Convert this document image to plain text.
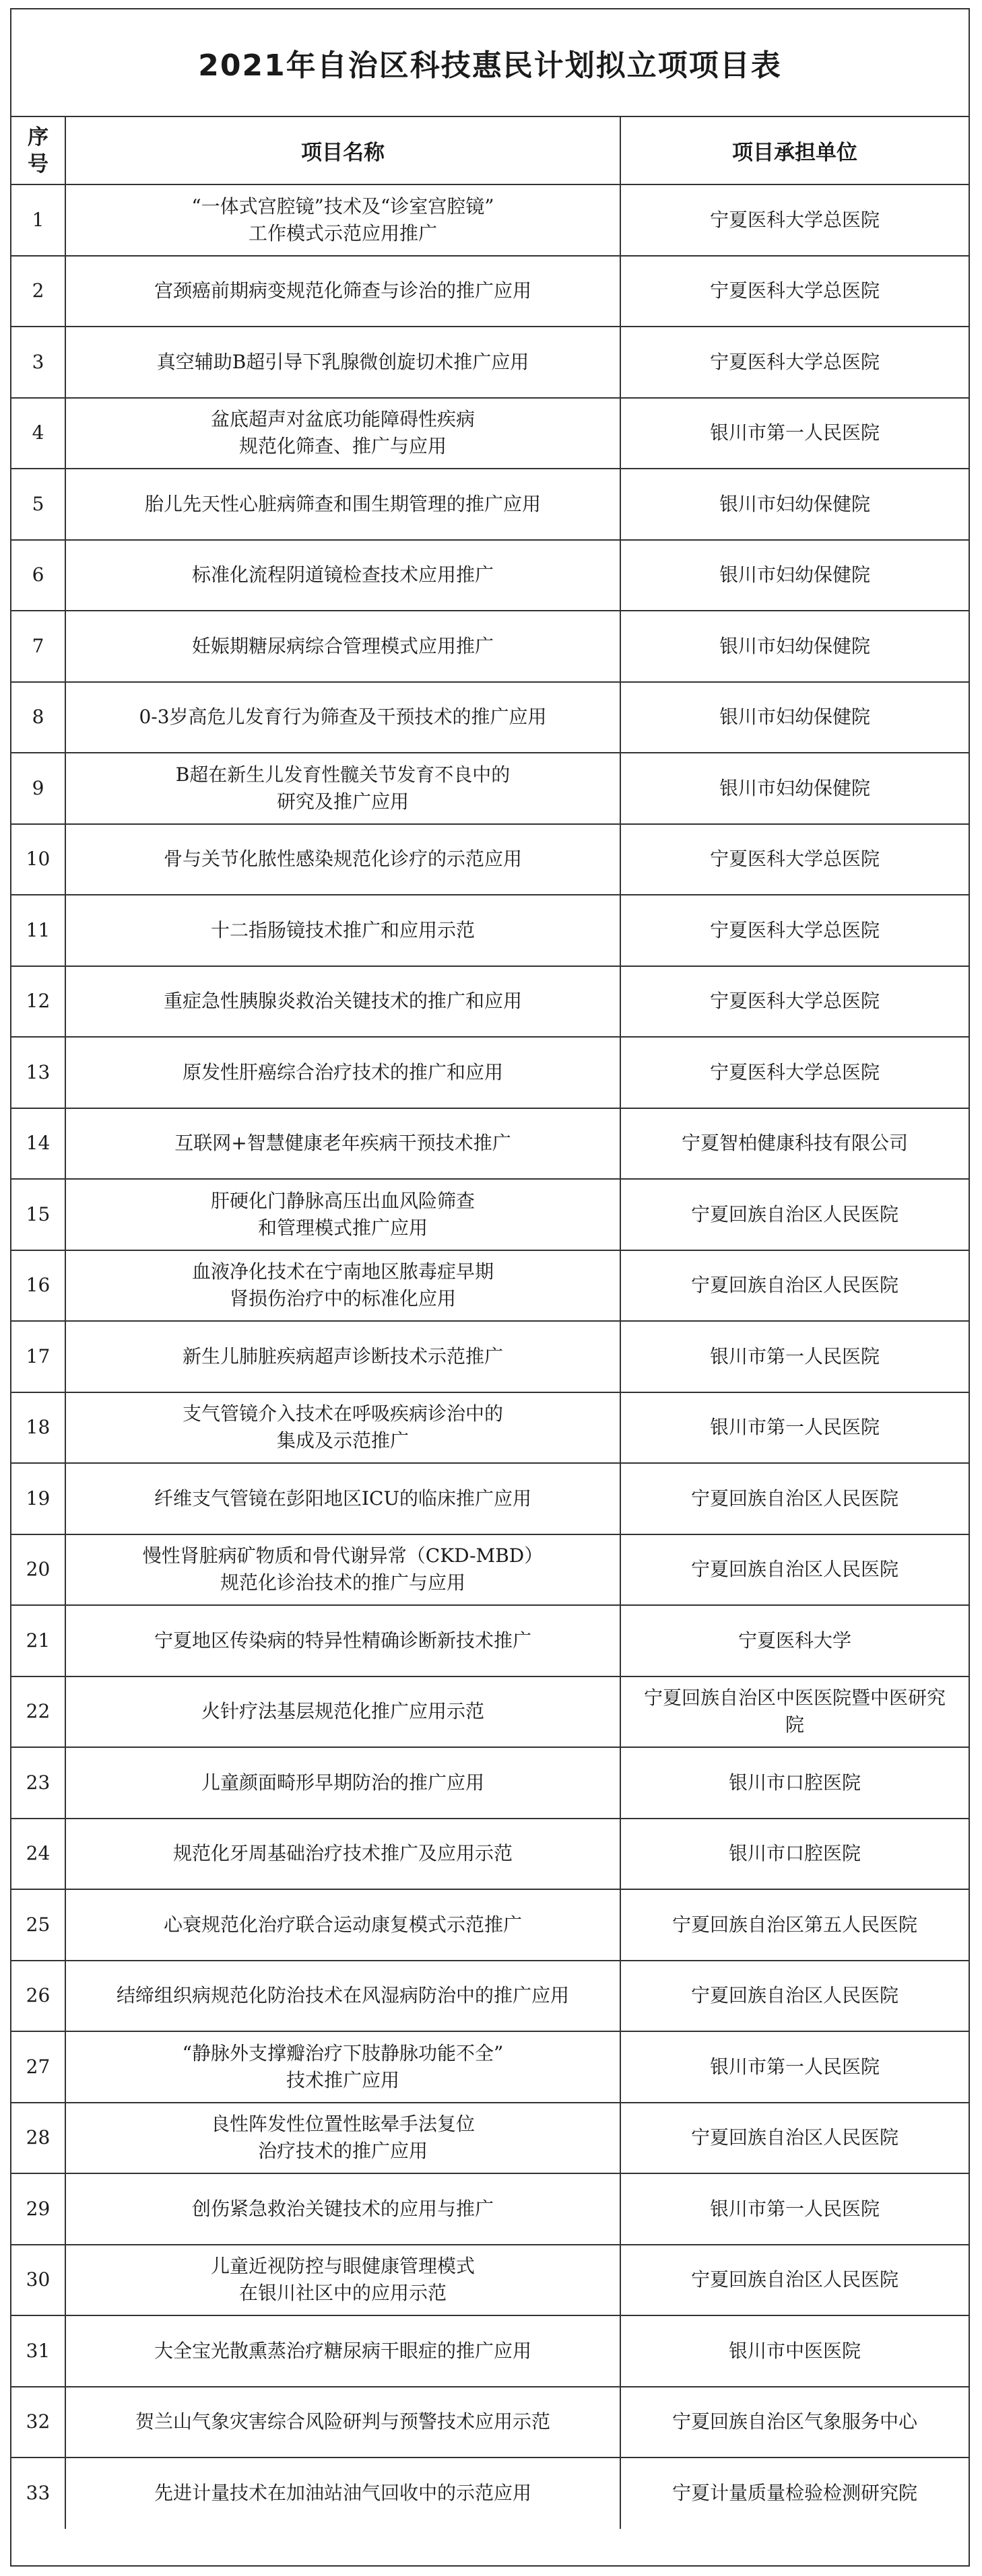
2021年自治区科技惠民计划拟立项项目表
序
号	项目名称	项目承担单位
1	“一体式宫腔镜”技术及“诊室宫腔镜”
工作模式示范应用推广	宁夏医科大学总医院

2	宫颈癌前期病变规范化筛查与诊治的推广应用	宁夏医科大学总医院

3	真空辅助B超引导下乳腺微创旋切术推广应用	宁夏医科大学总医院

4	盆底超声对盆底功能障碍性疾病
规范化筛查、推广与应用	银川市第一人民医院

5	胎儿先天性心脏病筛查和围生期管理的推广应用	银川市妇幼保健院

6	标准化流程阴道镜检查技术应用推广	银川市妇幼保健院

7	妊娠期糖尿病综合管理模式应用推广	银川市妇幼保健院

8	0-3岁高危儿发育行为筛查及干预技术的推广应用	银川市妇幼保健院

9	B超在新生儿发育性髋关节发育不良中的
研究及推广应用	银川市妇幼保健院

10	骨与关节化脓性感染规范化诊疗的示范应用	宁夏医科大学总医院

11	十二指肠镜技术推广和应用示范	宁夏医科大学总医院

12	重症急性胰腺炎救治关键技术的推广和应用	宁夏医科大学总医院

13	原发性肝癌综合治疗技术的推广和应用	宁夏医科大学总医院

14	互联网+智慧健康老年疾病干预技术推广	宁夏智柏健康科技有限公司

15	肝硬化门静脉高压出血风险筛查
和管理模式推广应用	宁夏回族自治区人民医院

16	血液净化技术在宁南地区脓毒症早期
肾损伤治疗中的标准化应用	宁夏回族自治区人民医院

17	新生儿肺脏疾病超声诊断技术示范推广	银川市第一人民医院

18	支气管镜介入技术在呼吸疾病诊治中的
集成及示范推广	银川市第一人民医院

19	纤维支气管镜在彭阳地区ICU的临床推广应用	宁夏回族自治区人民医院

20	慢性肾脏病矿物质和骨代谢异常（CKD-MBD）
规范化诊治技术的推广与应用	宁夏回族自治区人民医院

21	宁夏地区传染病的特异性精确诊断新技术推广	宁夏医科大学

22	火针疗法基层规范化推广应用示范	宁夏回族自治区中医医院暨中医研究
院

23	儿童颜面畸形早期防治的推广应用	银川市口腔医院

24	规范化牙周基础治疗技术推广及应用示范	银川市口腔医院

25	心衰规范化治疗联合运动康复模式示范推广	宁夏回族自治区第五人民医院

26	结缔组织病规范化防治技术在风湿病防治中的推广应用	宁夏回族自治区人民医院

27	“静脉外支撑瓣治疗下肢静脉功能不全”
技术推广应用	银川市第一人民医院

28	良性阵发性位置性眩晕手法复位
治疗技术的推广应用	宁夏回族自治区人民医院

29	创伤紧急救治关键技术的应用与推广	银川市第一人民医院

30	儿童近视防控与眼健康管理模式
在银川社区中的应用示范	宁夏回族自治区人民医院

31	大全宝光散熏蒸治疗糖尿病干眼症的推广应用	银川市中医医院

32	贺兰山气象灾害综合风险研判与预警技术应用示范	宁夏回族自治区气象服务中心

33	先进计量技术在加油站油气回收中的示范应用	宁夏计量质量检验检测研究院
